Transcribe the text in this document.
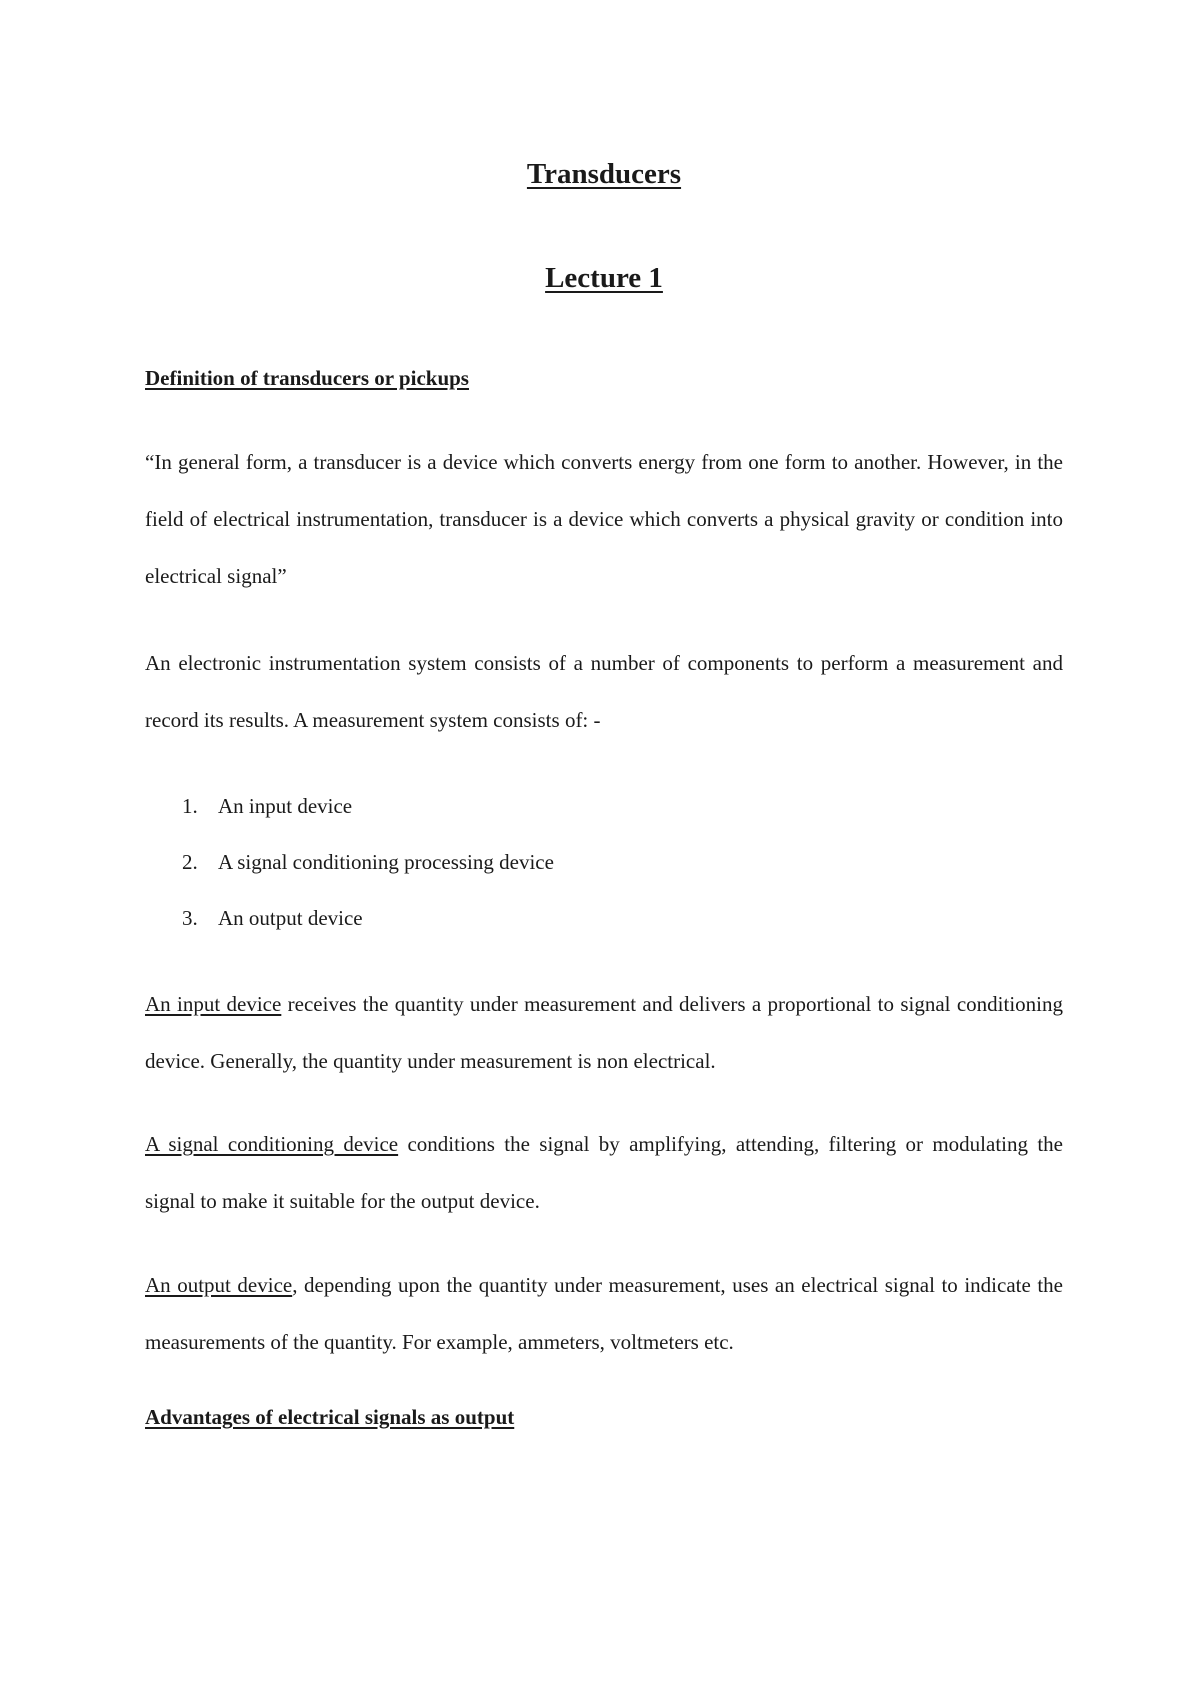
Transducers
Lecture 1
Definition of transducers or pickups

“In general form, a transducer is a device which converts energy from one form to another. However, in the field of electrical instrumentation, transducer is a device which converts a physical gravity or condition into electrical signal”

An electronic instrumentation system consists of a number of components to perform a measurement and record its results. A measurement system consists of: -

1. An input device
2. A signal conditioning processing device
3. An output device

An input device receives the quantity under measurement and delivers a proportional to signal conditioning device. Generally, the quantity under measurement is non electrical.

A signal conditioning device conditions the signal by amplifying, attending, filtering or modulating the signal to make it suitable for the output device.

An output device, depending upon the quantity under measurement, uses an electrical signal to indicate the measurements of the quantity. For example, ammeters, voltmeters etc.

Advantages of electrical signals as output
